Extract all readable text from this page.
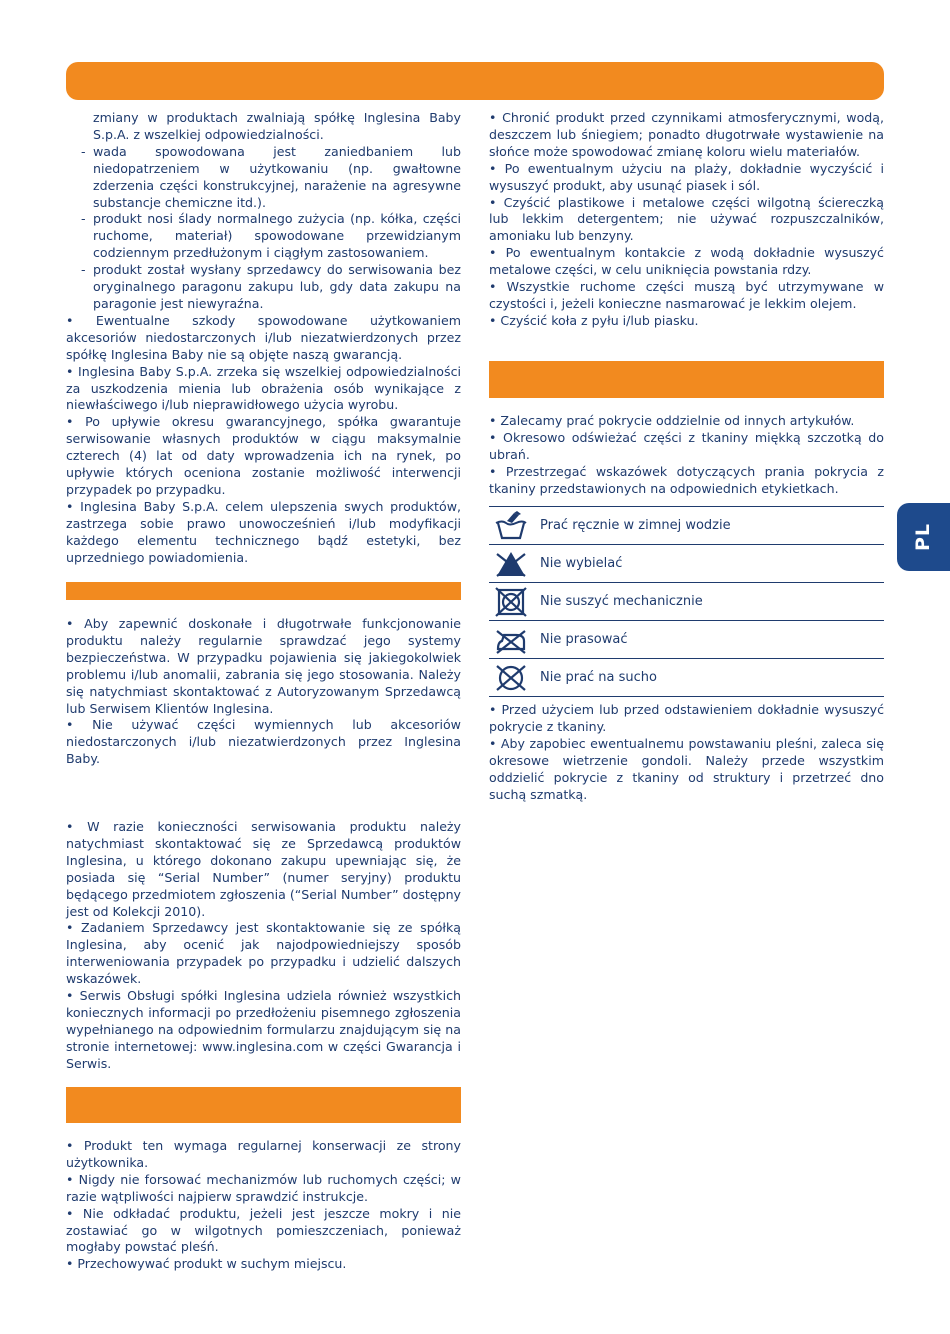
zmiany w produktach zwalniają spółkę Inglesina Baby S.p.A. z wszelkiej odpowiedzialności.

- wada spowodowana jest zaniedbaniem lub niedopatrzeniem w użytkowaniu (np. gwałtowne zderzenia części konstrukcyjnej, narażenie na agresywne substancje chemiczne itd.).

- produkt nosi ślady normalnego zużycia (np. kółka, części ruchome, materiał) spowodowane przewidzianym codziennym przedłużonym i ciągłym zastosowaniem.

- produkt został wysłany sprzedawcy do serwisowania bez oryginalnego paragonu zakupu lub, gdy data zakupu na paragonie jest niewyraźna.

• Ewentualne szkody spowodowane użytkowaniem akcesoriów niedostarczonych i/lub niezatwierdzonych przez spółkę Inglesina Baby nie są objęte naszą gwarancją.

• Inglesina Baby S.p.A. zrzeka się wszelkiej odpowiedzialności za uszkodzenia mienia lub obrażenia osób wynikające z niewłaściwego i/lub nieprawidłowego użycia wyrobu.

• Po upływie okresu gwarancyjnego, spółka gwarantuje serwisowanie własnych produktów w ciągu maksymalnie czterech (4) lat od daty wprowadzenia ich na rynek, po upływie których oceniona zostanie możliwość interwencji przypadek po przypadku.

• Inglesina Baby S.p.A. celem ulepszenia swych produktów, zastrzega sobie prawo unowocześnień i/lub modyfikacji każdego elementu technicznego bądź estetyki, bez uprzedniego powiadomienia.

• Aby zapewnić doskonałe i długotrwałe funkcjonowanie produktu należy regularnie sprawdzać jego systemy bezpieczeństwa. W przypadku pojawienia się jakiegokolwiek problemu i/lub anomalii, zabrania się jego stosowania. Należy się natychmiast skontaktować z Autoryzowanym Sprzedawcą lub Serwisem Klientów Inglesina.

• Nie używać części wymiennych lub akcesoriów niedostarczonych i/lub niezatwierdzonych przez Inglesina Baby.

• W razie konieczności serwisowania produktu należy natychmiast skontaktować się ze Sprzedawcą produktów Inglesina, u którego dokonano zakupu upewniając się, że posiada się “Serial Number” (numer seryjny) produktu będącego przedmiotem zgłoszenia (“Serial Number” dostępny jest od Kolekcji 2010).

• Zadaniem Sprzedawcy jest skontaktowanie się ze spółką Inglesina, aby ocenić jak najodpowiedniejszy sposób interweniowania przypadek po przypadku i udzielić dalszych wskazówek.

• Serwis Obsługi spółki Inglesina udziela również wszystkich koniecznych informacji po przedłożeniu pisemnego zgłoszenia wypełnianego na odpowiednim formularzu znajdującym się na stronie internetowej: www.inglesina.com w części Gwarancja i Serwis.

• Produkt ten wymaga regularnej konserwacji ze strony użytkownika.

• Nigdy nie forsować mechanizmów lub ruchomych części; w razie wątpliwości najpierw sprawdzić instrukcje.

• Nie odkładać produktu, jeżeli jest jeszcze mokry i nie zostawiać go w wilgotnych pomieszczeniach, ponieważ mogłaby powstać pleśń.

• Przechowywać produkt w suchym miejscu.

• Chronić produkt przed czynnikami atmosferycznymi, wodą, deszczem lub śniegiem; ponadto długotrwałe wystawienie na słońce może spowodować zmianę koloru wielu materiałów.

• Po ewentualnym użyciu na plaży, dokładnie wyczyścić i wysuszyć produkt, aby usunąć piasek i sól.

• Czyścić plastikowe i metalowe części wilgotną ściereczką lub lekkim detergentem; nie używać rozpuszczalników, amoniaku lub benzyny.

• Po ewentualnym kontakcie z wodą dokładnie wysuszyć metalowe części, w celu uniknięcia powstania rdzy.

• Wszystkie ruchome części muszą być utrzymywane w czystości i, jeżeli konieczne nasmarować je lekkim olejem.

• Czyścić koła z pyłu i/lub piasku.

• Zalecamy prać pokrycie oddzielnie od innych artykułów.

• Okresowo odświeżać części z tkaniny miękką szczotką do ubrań.

• Przestrzegać wskazówek dotyczących prania pokrycia z tkaniny przedstawionych na odpowiednich etykietkach.

Prać ręcznie w zimnej wodzie
Nie wybielać
Nie suszyć mechanicznie
Nie prasować
Nie prać na sucho

• Przed użyciem lub przed odstawieniem dokładnie wysuszyć pokrycie z tkaniny.

• Aby zapobiec ewentualnemu powstawaniu pleśni, zaleca się okresowe wietrzenie gondoli. Należy przede wszystkim oddzielić pokrycie z tkaniny od struktury i przetrzeć dno suchą szmatką.

PL
